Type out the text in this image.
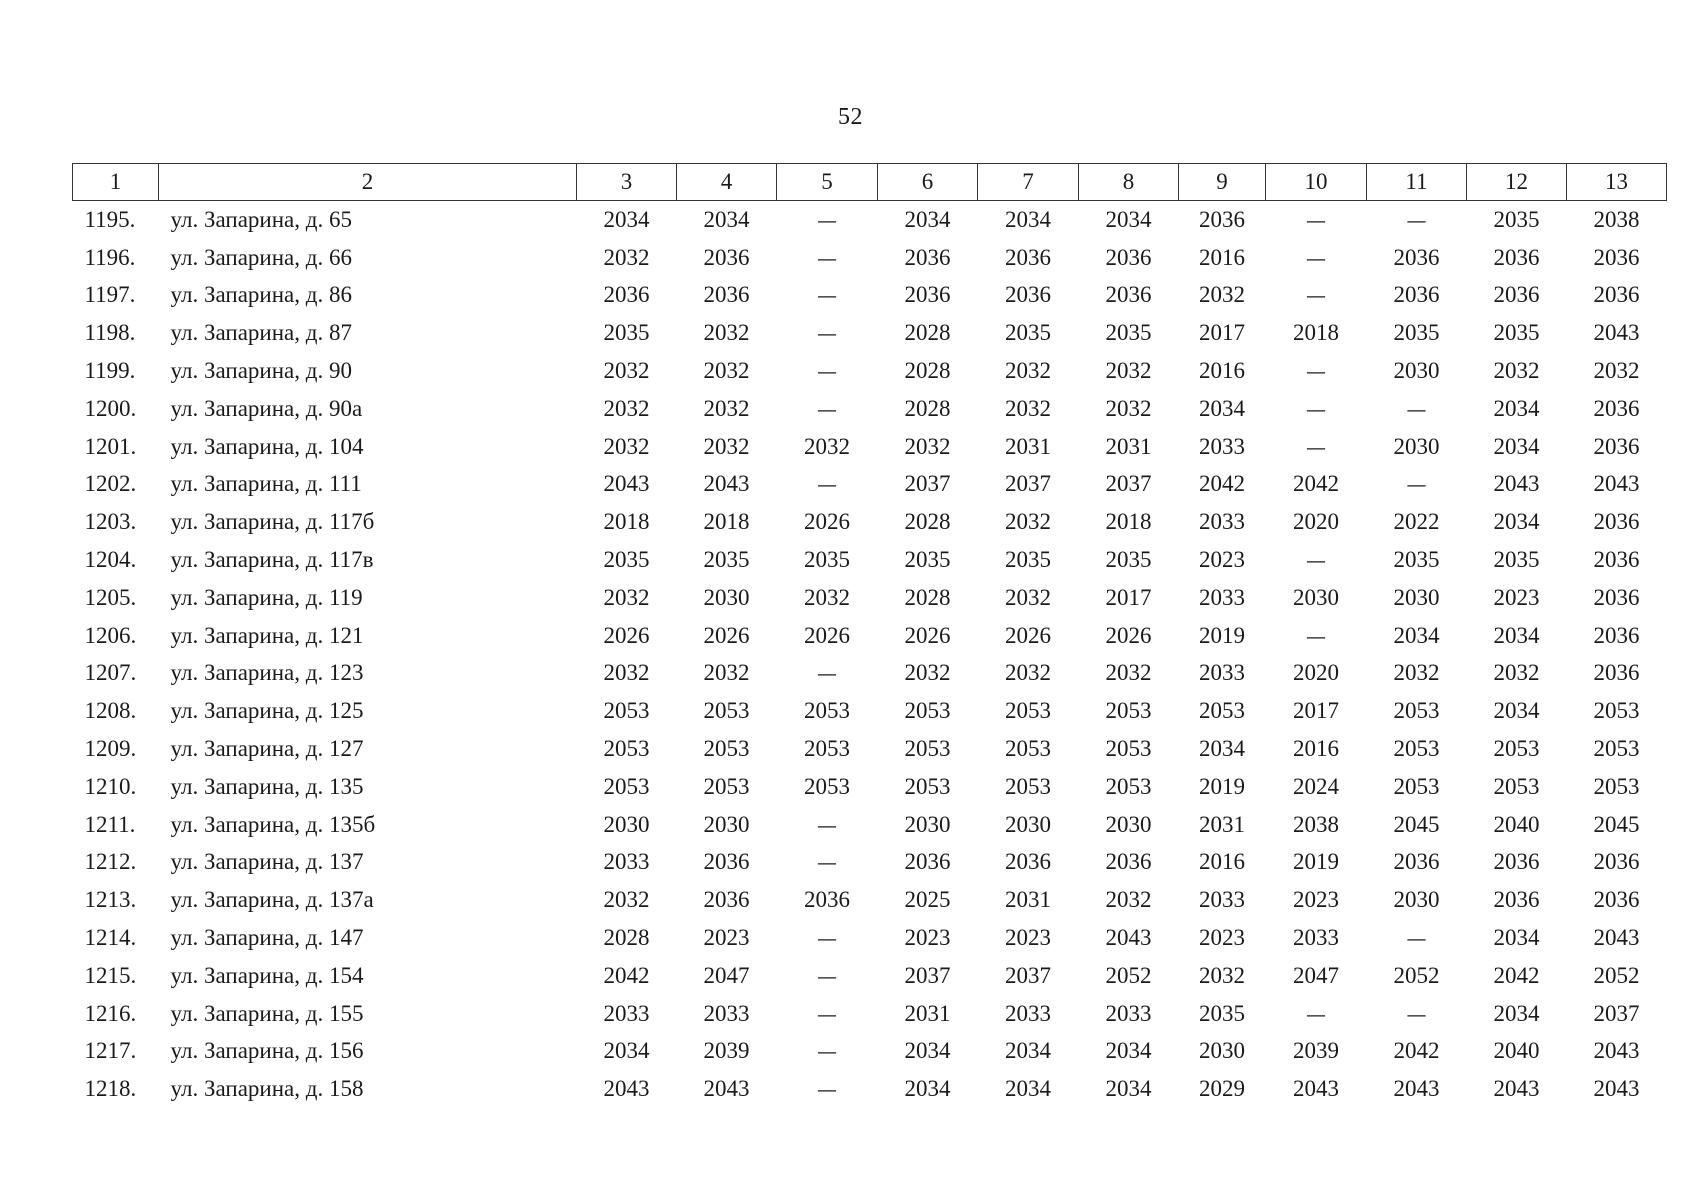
52
1	2	3	4	5	6	7	8	9	10	11	12	13
1195.	ул. Запарина, д. 65	2034	2034	—	2034	2034	2034	2036	—	—	2035	2038
1196.	ул. Запарина, д. 66	2032	2036	—	2036	2036	2036	2016	—	2036	2036	2036
1197.	ул. Запарина, д. 86	2036	2036	—	2036	2036	2036	2032	—	2036	2036	2036
1198.	ул. Запарина, д. 87	2035	2032	—	2028	2035	2035	2017	2018	2035	2035	2043
1199.	ул. Запарина, д. 90	2032	2032	—	2028	2032	2032	2016	—	2030	2032	2032
1200.	ул. Запарина, д. 90а	2032	2032	—	2028	2032	2032	2034	—	—	2034	2036
1201.	ул. Запарина, д. 104	2032	2032	2032	2032	2031	2031	2033	—	2030	2034	2036
1202.	ул. Запарина, д. 111	2043	2043	—	2037	2037	2037	2042	2042	—	2043	2043
1203.	ул. Запарина, д. 117б	2018	2018	2026	2028	2032	2018	2033	2020	2022	2034	2036
1204.	ул. Запарина, д. 117в	2035	2035	2035	2035	2035	2035	2023	—	2035	2035	2036
1205.	ул. Запарина, д. 119	2032	2030	2032	2028	2032	2017	2033	2030	2030	2023	2036
1206.	ул. Запарина, д. 121	2026	2026	2026	2026	2026	2026	2019	—	2034	2034	2036
1207.	ул. Запарина, д. 123	2032	2032	—	2032	2032	2032	2033	2020	2032	2032	2036
1208.	ул. Запарина, д. 125	2053	2053	2053	2053	2053	2053	2053	2017	2053	2034	2053
1209.	ул. Запарина, д. 127	2053	2053	2053	2053	2053	2053	2034	2016	2053	2053	2053
1210.	ул. Запарина, д. 135	2053	2053	2053	2053	2053	2053	2019	2024	2053	2053	2053
1211.	ул. Запарина, д. 135б	2030	2030	—	2030	2030	2030	2031	2038	2045	2040	2045
1212.	ул. Запарина, д. 137	2033	2036	—	2036	2036	2036	2016	2019	2036	2036	2036
1213.	ул. Запарина, д. 137а	2032	2036	2036	2025	2031	2032	2033	2023	2030	2036	2036
1214.	ул. Запарина, д. 147	2028	2023	—	2023	2023	2043	2023	2033	—	2034	2043
1215.	ул. Запарина, д. 154	2042	2047	—	2037	2037	2052	2032	2047	2052	2042	2052
1216.	ул. Запарина, д. 155	2033	2033	—	2031	2033	2033	2035	—	—	2034	2037
1217.	ул. Запарина, д. 156	2034	2039	—	2034	2034	2034	2030	2039	2042	2040	2043
1218.	ул. Запарина, д. 158	2043	2043	—	2034	2034	2034	2029	2043	2043	2043	2043
